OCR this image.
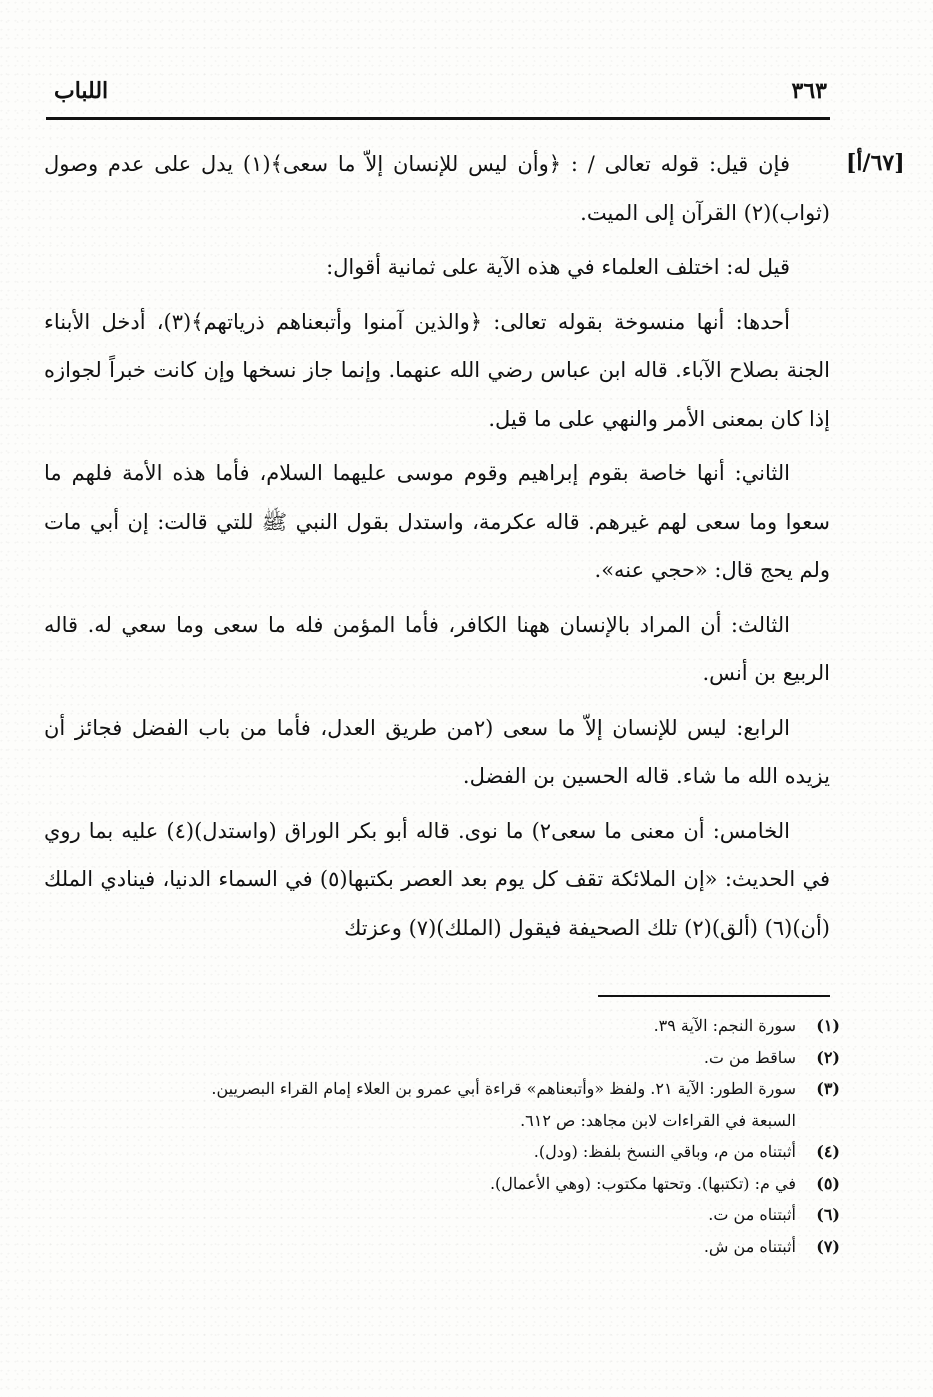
اللباب	٣٦٣
[٦٧/أ]

فإن قيل: قوله تعالى / : ﴿وأن ليس للإنسان إلاّ ما سعى﴾(١) يدل على عدم وصول (ثواب)(٢) القرآن إلى الميت.

قيل له: اختلف العلماء في هذه الآية على ثمانية أقوال:

أحدها: أنها منسوخة بقوله تعالى: ﴿والذين آمنوا وأتبعناهم ذرياتهم﴾(٣)، أدخل الأبناء الجنة بصلاح الآباء. قاله ابن عباس رضي الله عنهما. وإنما جاز نسخها وإن كانت خبراً لجوازه إذا كان بمعنى الأمر والنهي على ما قيل.

الثاني: أنها خاصة بقوم إبراهيم وقوم موسى عليهما السلام، فأما هذه الأمة فلهم ما سعوا وما سعى لهم غيرهم. قاله عكرمة، واستدل بقول النبي ﷺ للتي قالت: إن أبي مات ولم يحج قال: «حجي عنه».

الثالث: أن المراد بالإنسان ههنا الكافر، فأما المؤمن فله ما سعى وما سعي له. قاله الربيع بن أنس.

الرابع: ليس للإنسان إلاّ ما سعى (٢من طريق العدل، فأما من باب الفضل فجائز أن يزيده الله ما شاء. قاله الحسين بن الفضل.

الخامس: أن معنى ما سعى٢) ما نوى. قاله أبو بكر الوراق (واستدل)(٤) عليه بما روي في الحديث: «إن الملائكة تقف كل يوم بعد العصر بكتبها(٥) في السماء الدنيا، فينادي الملك (أن)(٦) (ألق)(٢) تلك الصحيفة فيقول (الملك)(٧) وعزتك

(١)سورة النجم: الآية ٣٩.
(٢)ساقط من ت.
(٣)سورة الطور: الآية ٢١. ولفظ «وأتبعناهم» قراءة أبي عمرو بن العلاء إمام القراء البصريين.
السبعة في القراءات لابن مجاهد: ص ٦١٢.
(٤)أثبتناه من م، وباقي النسخ بلفظ: (ودل).
(٥)في م: (تكتبها). وتحتها مكتوب: (وهي الأعمال).
(٦)أثبتناه من ت.
(٧)أثبتناه من ش.
